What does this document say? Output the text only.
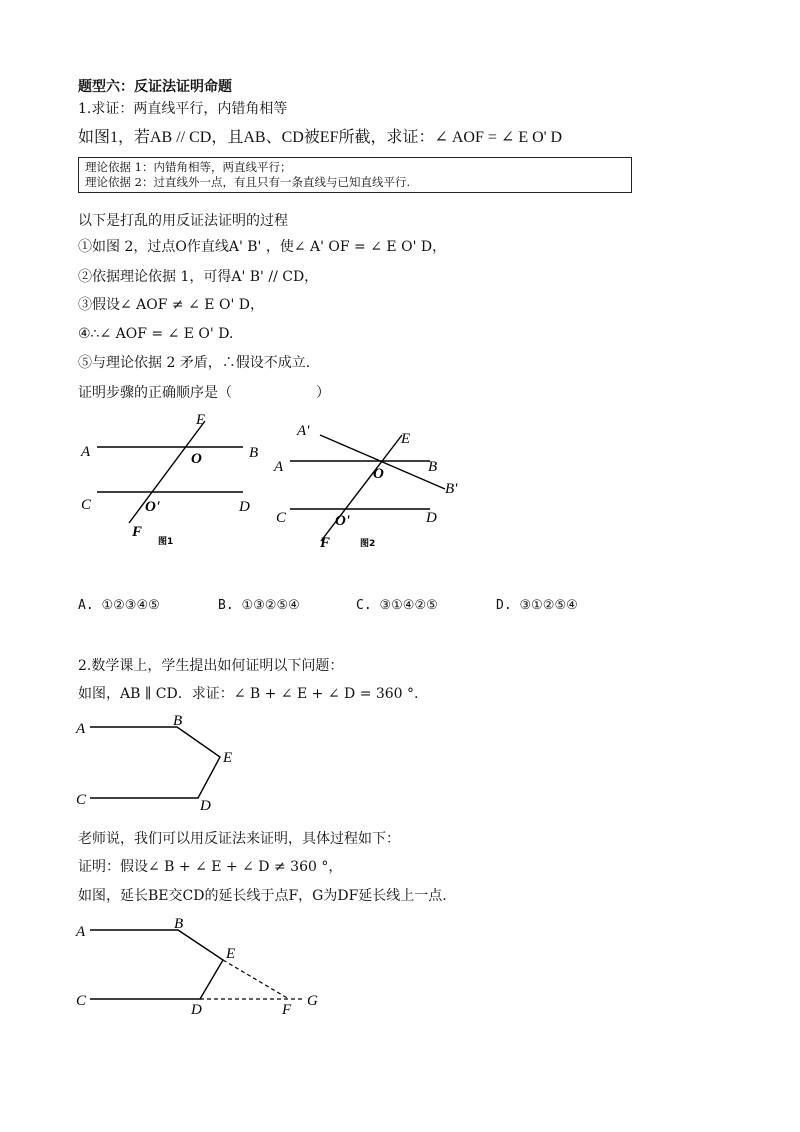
题型六：反证法证明命题
1.求证：两直线平行，内错角相等
如图1，若AB // CD，且AB、CD被EF所截，求证：∠ AOF = ∠ E O' D
理论依据 1：内错角相等，两直线平行；
理论依据 2：过直线外一点，有且只有一条直线与已知直线平行.
以下是打乱的用反证法证明的过程
①如图 2，过点O作直线A' B' ，使∠ A' OF = ∠ E O' D，
②依据理论依据 1，可得A' B' // CD，
③假设∠ AOF ≠ ∠ E O' D，
④∴∠ AOF = ∠ E O' D.
⑤与理论依据 2 矛盾，∴假设不成立.
证明步骤的正确顺序是（　　　　　　）
A	B
C	D
E
F
O
O'
图1
A'
A	B
B'
C	D
E
F
O
O'
图2
A. ①②③④⑤	B. ①③②⑤④	C. ③①④②⑤	D. ③①②⑤④
2.数学课上，学生提出如何证明以下问题：
如图，AB ∥ CD．求证：∠ B + ∠ E + ∠ D = 360 °.
A	B
E
C	D
老师说，我们可以用反证法来证明，具体过程如下：
证明：假设∠ B + ∠ E + ∠ D ≠ 360 °，
如图，延长BE交CD的延长线于点F，G为DF延长线上一点.
A	B
E
C
D	F
G
